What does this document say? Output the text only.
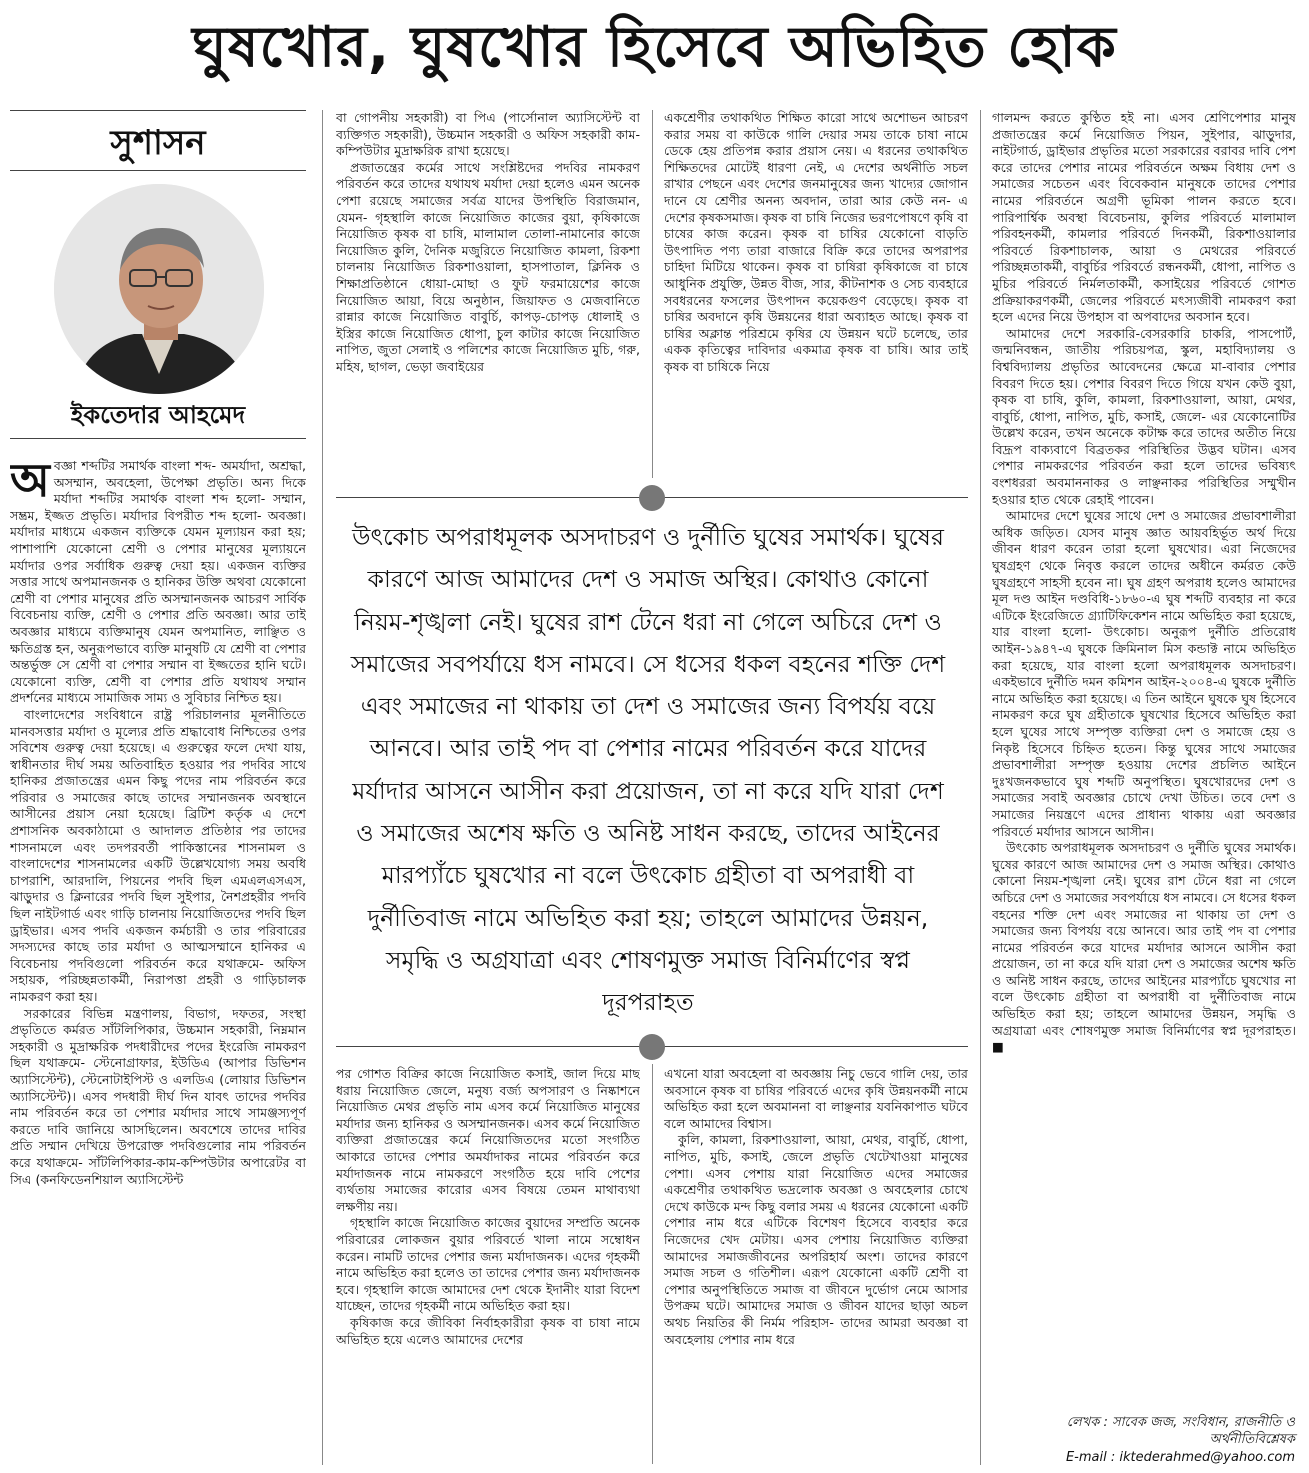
ঘুষখোর, ঘুষখোর হিসেবে অভিহিত হোক
সুশাসন
ইকতেদার আহমেদ

অবজ্ঞা শব্দটির সমার্থক বাংলা শব্দ- অমর্যাদা, অশ্রদ্ধা, অসম্মান, অবহেলা, উপেক্ষা প্রভৃতি। অন্য দিকে মর্যাদা শব্দটির সমার্থক বাংলা শব্দ হলো- সম্মান, সম্ভ্রম, ইজ্জত প্রভৃতি। মর্যাদার বিপরীত শব্দ হলো- অবজ্ঞা। মর্যাদার মাধ্যমে একজন ব্যক্তিকে যেমন মূল্যায়ন করা হয়; পাশাপাশি যেকোনো শ্রেণী ও পেশার মানুষের মূল্যায়নে মর্যাদার ওপর সর্বাধিক গুরুত্ব দেয়া হয়। একজন ব্যক্তির সত্তার সাথে অপমানজনক ও হানিকর উক্তি অথবা যেকোনো শ্রেণী বা পেশার মানুষের প্রতি অসম্মানজনক আচরণ সার্বিক বিবেচনায় ব্যক্তি, শ্রেণী ও পেশার প্রতি অবজ্ঞা। আর তাই অবজ্ঞার মাধ্যমে ব্যক্তিমানুষ যেমন অপমানিত, লাঞ্ছিত ও ক্ষতিগ্রস্ত হন, অনুরূপভাবে ব্যক্তি মানুষটি যে শ্রেণী বা পেশার অন্তর্ভুক্ত সে শ্রেণী বা পেশার সম্মান বা ইজ্জতের হানি ঘটে। যেকোনো ব্যক্তি, শ্রেণী বা পেশার প্রতি যথাযথ সম্মান প্রদর্শনের মাধ্যমে সামাজিক সাম্য ও সুবিচার নিশ্চিত হয়।

বাংলাদেশের সংবিধানে রাষ্ট্র পরিচালনার মূলনীতিতে মানবসত্তার মর্যাদা ও মূল্যের প্রতি শ্রদ্ধাবোধ নিশ্চিতের ওপর সবিশেষ গুরুত্ব দেয়া হয়েছে। এ গুরুত্বের ফলে দেখা যায়, স্বাধীনতার দীর্ঘ সময় অতিবাহিত হওয়ার পর পদবির সাথে হানিকর প্রজাতন্ত্রের এমন কিছু পদের নাম পরিবর্তন করে পরিবার ও সমাজের কাছে তাদের সম্মানজনক অবস্থানে আসীনের প্রয়াস নেয়া হয়েছে। ব্রিটিশ কর্তৃক এ দেশে প্রশাসনিক অবকাঠামো ও আদালত প্রতিষ্ঠার পর তাদের শাসনামলে এবং তদপরবর্তী পাকিস্তানের শাসনামল ও বাংলাদেশের শাসনামলের একটি উল্লেখযোগ্য সময় অবধি চাপরাশি, আরদালি, পিয়নের পদবি ছিল এমএলএসএস, ঝাড়ুদার ও ক্লিনারের পদবি ছিল সুইপার, নৈশপ্রহরীর পদবি ছিল নাইটগার্ড এবং গাড়ি চালনায় নিয়োজিতদের পদবি ছিল ড্রাইভার। এসব পদবি একজন কর্মচারী ও তার পরিবারের সদস্যদের কাছে তার মর্যাদা ও আত্মসম্মানে হানিকর এ বিবেচনায় পদবিগুলো পরিবর্তন করে যথাক্রমে- অফিস সহায়ক, পরিচ্ছন্নতাকর্মী, নিরাপত্তা প্রহরী ও গাড়িচালক নামকরণ করা হয়।

সরকারের বিভিন্ন মন্ত্রণালয়, বিভাগ, দফতর, সংস্থা প্রভৃতিতে কর্মরত সাঁটলিপিকার, উচ্চমান সহকারী, নিম্নমান সহকারী ও মুদ্রাক্ষরিক পদধারীদের পদের ইংরেজি নামকরণ ছিল যথাক্রমে- স্টেনোগ্রাফার, ইউডিএ (আপার ডিভিশন অ্যাসিস্টেন্ট), স্টেনোটাইপিস্ট ও এলডিএ (লোয়ার ডিভিশন অ্যাসিস্টেন্ট)। এসব পদধারী দীর্ঘ দিন যাবৎ তাদের পদবির নাম পরিবর্তন করে তা পেশার মর্যাদার সাথে সামঞ্জস্যপূর্ণ করতে দাবি জানিয়ে আসছিলেন। অবশেষে তাদের দাবির প্রতি সম্মান দেখিয়ে উপরোক্ত পদবিগুলোর নাম পরিবর্তন করে যথাক্রমে- সাঁটলিপিকার-কাম-কম্পিউটার অপারেটর বা সিএ (কনফিডেনশিয়াল অ্যাসিস্টেন্ট

বা গোপনীয় সহকারী) বা পিএ (পার্সোনাল অ্যাসিস্টেন্ট বা ব্যক্তিগত সহকারী), উচ্চমান সহকারী ও অফিস সহকারী কাম-কম্পিউটার মুদ্রাক্ষরিক রাখা হয়েছে।

প্রজাতন্ত্রের কর্মের সাথে সংশ্লিষ্টদের পদবির নামকরণ পরিবর্তন করে তাদের যথাযথ মর্যাদা দেয়া হলেও এমন অনেক পেশা রয়েছে সমাজের সর্বত্র যাদের উপস্থিতি বিরাজমান, যেমন- গৃহস্থালি কাজে নিয়োজিত কাজের বুয়া, কৃষিকাজে নিয়োজিত কৃষক বা চাষি, মালামাল তোলা-নামানোর কাজে নিয়োজিত কুলি, দৈনিক মজুরিতে নিয়োজিত কামলা, রিকশা চালনায় নিয়োজিত রিকশাওয়ালা, হাসপাতাল, ক্লিনিক ও শিক্ষাপ্রতিষ্ঠানে ধোয়া-মোছা ও ফুট ফরমায়েশের কাজে নিয়োজিত আয়া, বিয়ে অনুষ্ঠান, জিয়াফত ও মেজবানিতে রান্নার কাজে নিয়োজিত বাবুর্চি, কাপড়-চোপড় ধোলাই ও ইস্ত্রির কাজে নিয়োজিত ধোপা, চুল কাটার কাজে নিয়োজিত নাপিত, জুতা সেলাই ও পলিশের কাজে নিয়োজিত মুচি, গরু, মহিষ, ছাগল, ভেড়া জবাইয়ের

একশ্রেণীর তথাকথিত শিক্ষিত কারো সাথে অশোভন আচরণ করার সময় বা কাউকে গালি দেয়ার সময় তাকে চাষা নামে ডেকে হেয় প্রতিপন্ন করার প্রয়াস নেয়। এ ধরনের তথাকথিত শিক্ষিতদের মোটেই ধারণা নেই, এ দেশের অর্থনীতি সচল রাখার পেছনে এবং দেশের জনমানুষের জন্য খাদ্যের জোগান দানে যে শ্রেণীর অনন্য অবদান, তারা আর কেউ নন- এ দেশের কৃষকসমাজ। কৃষক বা চাষি নিজের ভরণপোষণে কৃষি বা চাষের কাজ করেন। কৃষক বা চাষির যেকোনো বাড়তি উৎপাদিত পণ্য তারা বাজারে বিক্রি করে তাদের অপরাপর চাহিদা মিটিয়ে থাকেন। কৃষক বা চাষিরা কৃষিকাজে বা চাষে আধুনিক প্রযুক্তি, উন্নত বীজ, সার, কীটনাশক ও সেচ ব্যবহারে সবধরনের ফসলের উৎপাদন কয়েকগুণ বেড়েছে। কৃষক বা চাষির অবদানে কৃষি উন্নয়নের ধারা অব্যাহত আছে। কৃষক বা চাষির অক্লান্ত পরিশ্রমে কৃষির যে উন্নয়ন ঘটে চলেছে, তার একক কৃতিত্বের দাবিদার একমাত্র কৃষক বা চাষি। আর তাই কৃষক বা চাষিকে নিয়ে

উৎকোচ অপরাধমূলক অসদাচরণ ও দুর্নীতি ঘুষের সমার্থক। ঘুষের কারণে আজ আমাদের দেশ ও সমাজ অস্থির। কোথাও কোনো নিয়ম-শৃঙ্খলা নেই। ঘুষের রাশ টেনে ধরা না গেলে অচিরে দেশ ও সমাজের সবপর্যায়ে ধস নামবে। সে ধসের ধকল বহনের শক্তি দেশ এবং সমাজের না থাকায় তা দেশ ও সমাজের জন্য বিপর্যয় বয়ে আনবে। আর তাই পদ বা পেশার নামের পরিবর্তন করে যাদের মর্যাদার আসনে আসীন করা প্রয়োজন, তা না করে যদি যারা দেশ ও সমাজের অশেষ ক্ষতি ও অনিষ্ট সাধন করছে, তাদের আইনের মারপ্যাঁচে ঘুষখোর না বলে উৎকোচ গ্রহীতা বা অপরাধী বা দুর্নীতিবাজ নামে অভিহিত করা হয়; তাহলে আমাদের উন্নয়ন, সমৃদ্ধি ও অগ্রযাত্রা এবং শোষণমুক্ত সমাজ বিনির্মাণের স্বপ্ন দূরপরাহত

পর গোশত বিক্রির কাজে নিয়োজিত কসাই, জাল দিয়ে মাছ ধরায় নিয়োজিত জেলে, মনুষ্য বর্জ্য অপসারণ ও নিষ্কাশনে নিয়োজিত মেথর প্রভৃতি নাম এসব কর্মে নিয়োজিত মানুষের মর্যাদার জন্য হানিকর ও অসম্মানজনক। এসব কর্মে নিয়োজিত ব্যক্তিরা প্রজাতন্ত্রের কর্মে নিয়োজিতদের মতো সংগঠিত আকারে তাদের পেশার অমর্যাদাকর নামের পরিবর্তন করে মর্যাদাজনক নামে নামকরণে সংগঠিত হয়ে দাবি পেশের ব্যর্থতায় সমাজের কারোর এসব বিষয়ে তেমন মাথাব্যথা লক্ষণীয় নয়।

গৃহস্থালি কাজে নিয়োজিত কাজের বুয়াদের সম্প্রতি অনেক পরিবারের লোকজন বুয়ার পরিবর্তে খালা নামে সম্বোধন করেন। নামটি তাদের পেশার জন্য মর্যাদাজনক। এদের গৃহকর্মী নামে অভিহিত করা হলেও তা তাদের পেশার জন্য মর্যাদাজনক হবে। গৃহস্থালি কাজে আমাদের দেশ থেকে ইদানীং যারা বিদেশ যাচ্ছেন, তাদের গৃহকর্মী নামে অভিহিত করা হয়।

কৃষিকাজ করে জীবিকা নির্বাহকারীরা কৃষক বা চাষা নামে অভিহিত হয়ে এলেও আমাদের দেশের

এখনো যারা অবহেলা বা অবজ্ঞায় নিচু ভেবে গালি দেয়, তার অবসানে কৃষক বা চাষির পরিবর্তে এদের কৃষি উন্নয়নকর্মী নামে অভিহিত করা হলে অবমাননা বা লাঞ্ছনার যবনিকাপাত ঘটবে বলে আমাদের বিশ্বাস।

কুলি, কামলা, রিকশাওয়ালা, আয়া, মেথর, বাবুর্চি, ধোপা, নাপিত, মুচি, কসাই, জেলে প্রভৃতি খেটেখাওয়া মানুষের পেশা। এসব পেশায় যারা নিয়োজিত এদের সমাজের একশ্রেণীর তথাকথিত ভদ্রলোক অবজ্ঞা ও অবহেলার চোখে দেখে কাউকে মন্দ কিছু বলার সময় এ ধরনের যেকোনো একটি পেশার নাম ধরে এটিকে বিশেষণ হিসেবে ব্যবহার করে নিজেদের খেদ মেটায়। এসব পেশায় নিয়োজিত ব্যক্তিরা আমাদের সমাজজীবনের অপরিহার্য অংশ। তাদের কারণে সমাজ সচল ও গতিশীল। এরূপ যেকোনো একটি শ্রেণী বা পেশার অনুপস্থিতিতে সমাজ বা জীবনে দুর্ভোগ নেমে আসার উপক্রম ঘটে। আমাদের সমাজ ও জীবন যাদের ছাড়া অচল অথচ নিয়তির কী নির্মম পরিহাস- তাদের আমরা অবজ্ঞা বা অবহেলায় পেশার নাম ধরে

গালমন্দ করতে কুণ্ঠিত হই না। এসব শ্রেণিপেশার মানুষ প্রজাতন্ত্রের কর্মে নিয়োজিত পিয়ন, সুইপার, ঝাড়ুদার, নাইটগার্ড, ড্রাইভার প্রভৃতির মতো সরকারের বরাবর দাবি পেশ করে তাদের পেশার নামের পরিবর্তনে অক্ষম বিধায় দেশ ও সমাজের সচেতন এবং বিবেকবান মানুষকে তাদের পেশার নামের পরিবর্তনে অগ্রণী ভূমিকা পালন করতে হবে। পারিপার্শ্বিক অবস্থা বিবেচনায়, কুলির পরিবর্তে মালামাল পরিবহনকর্মী, কামলার পরিবর্তে দিনকর্মী, রিকশাওয়ালার পরিবর্তে রিকশাচালক, আয়া ও মেথরের পরিবর্তে পরিচ্ছন্নতাকর্মী, বাবুর্চির পরিবর্তে রন্ধনকর্মী, ধোপা, নাপিত ও মুচির পরিবর্তে নির্মলতাকর্মী, কসাইয়ের পরিবর্তে গোশত প্রক্রিয়াকরণকর্মী, জেলের পরিবর্তে মৎস্যজীবী নামকরণ করা হলে এদের নিয়ে উপহাস বা অপবাদের অবসান হবে।

আমাদের দেশে সরকারি-বেসরকারি চাকরি, পাসপোর্ট, জন্মনিবন্ধন, জাতীয় পরিচয়পত্র, স্কুল, মহাবিদ্যালয় ও বিশ্ববিদ্যালয় প্রভৃতির আবেদনের ক্ষেত্রে মা-বাবার পেশার বিবরণ দিতে হয়। পেশার বিবরণ দিতে গিয়ে যখন কেউ বুয়া, কৃষক বা চাষি, কুলি, কামলা, রিকশাওয়ালা, আয়া, মেথর, বাবুর্চি, ধোপা, নাপিত, মুচি, কসাই, জেলে- এর যেকোনোটির উল্লেখ করেন, তখন অনেকে কটাক্ষ করে তাদের অতীত নিয়ে বিদ্রূপ বাক্যবাণে বিব্রতকর পরিস্থিতির উদ্ভব ঘটান। এসব পেশার নামকরণের পরিবর্তন করা হলে তাদের ভবিষ্যৎ বংশধররা অবমাননাকর ও লাঞ্ছনাকর পরিস্থিতির সম্মুখীন হওয়ার হাত থেকে রেহাই পাবেন।

আমাদের দেশে ঘুষের সাথে দেশ ও সমাজের প্রভাবশালীরা অধিক জড়িত। যেসব মানুষ জ্ঞাত আয়বহির্ভূত অর্থ দিয়ে জীবন ধারণ করেন তারা হলো ঘুষখোর। এরা নিজেদের ঘুষগ্রহণ থেকে নিবৃত্ত করলে তাদের অধীনে কর্মরত কেউ ঘুষগ্রহণে সাহসী হবেন না। ঘুষ গ্রহণ অপরাধ হলেও আমাদের মূল দণ্ড আইন দণ্ডবিধি-১৮৬০-এ ঘুষ শব্দটি ব্যবহার না করে এটিকে ইংরেজিতে গ্র্যাটিফিকেশন নামে অভিহিত করা হয়েছে, যার বাংলা হলো- উৎকোচ। অনুরূপ দুর্নীতি প্রতিরোধ আইন-১৯৪৭-এ ঘুষকে ক্রিমিনাল মিস কন্ডাক্ট নামে অভিহিত করা হয়েছে, যার বাংলা হলো অপরাধমূলক অসদাচরণ। একইভাবে দুর্নীতি দমন কমিশন আইন-২০০৪-এ ঘুষকে দুর্নীতি নামে অভিহিত করা হয়েছে। এ তিন আইনে ঘুষকে ঘুষ হিসেবে নামকরণ করে ঘুষ গ্রহীতাকে ঘুষখোর হিসেবে অভিহিত করা হলে ঘুষের সাথে সম্পৃক্ত ব্যক্তিরা দেশ ও সমাজে হেয় ও নিকৃষ্ট হিসেবে চিহ্নিত হতেন। কিন্তু ঘুষের সাথে সমাজের প্রভাবশালীরা সম্পৃক্ত হওয়ায় দেশের প্রচলিত আইনে দুঃখজনকভাবে ঘুষ শব্দটি অনুপস্থিত। ঘুষখোরদের দেশ ও সমাজের সবাই অবজ্ঞার চোখে দেখা উচিত। তবে দেশ ও সমাজের নিয়ন্ত্রণে এদের প্রাধান্য থাকায় এরা অবজ্ঞার পরিবর্তে মর্যাদার আসনে আসীন।

উৎকোচ অপরাধমূলক অসদাচরণ ও দুর্নীতি ঘুষের সমার্থক। ঘুষের কারণে আজ আমাদের দেশ ও সমাজ অস্থির। কোথাও কোনো নিয়ম-শৃঙ্খলা নেই। ঘুষের রাশ টেনে ধরা না গেলে অচিরে দেশ ও সমাজের সবপর্যায়ে ধস নামবে। সে ধসের ধকল বহনের শক্তি দেশ এবং সমাজের না থাকায় তা দেশ ও সমাজের জন্য বিপর্যয় বয়ে আনবে। আর তাই পদ বা পেশার নামের পরিবর্তন করে যাদের মর্যাদার আসনে আসীন করা প্রয়োজন, তা না করে যদি যারা দেশ ও সমাজের অশেষ ক্ষতি ও অনিষ্ট সাধন করছে, তাদের আইনের মারপ্যাঁচে ঘুষখোর না বলে উৎকোচ গ্রহীতা বা অপরাধী বা দুর্নীতিবাজ নামে অভিহিত করা হয়; তাহলে আমাদের উন্নয়ন, সমৃদ্ধি ও অগ্রযাত্রা এবং শোষণমুক্ত সমাজ বিনির্মাণের স্বপ্ন দূরপরাহত। ■

লেখক : সাবেক জজ, সংবিধান, রাজনীতি ও অর্থনীতিবিশ্লেষক
E-mail : iktederahmed@yahoo.com
